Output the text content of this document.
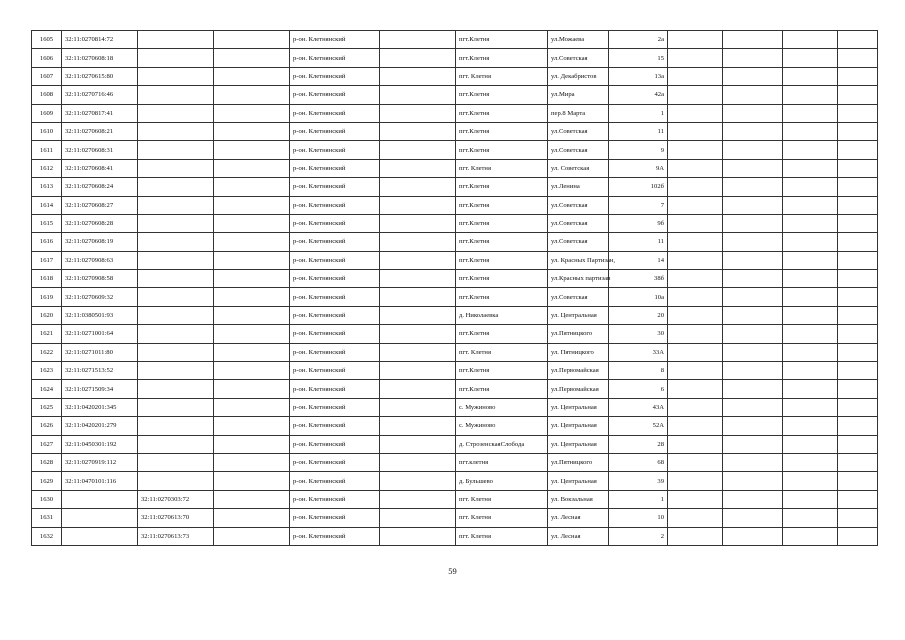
1605	32:11:0270814:72			р-он. Клетнянский		пгт.Клетня	ул.Можаева	2а				
1606	32:11:0270608:18			р-он. Клетнянский		пгт.Клетня	ул.Советская	15				
1607	32:11:0270615:80			р-он. Клетнянский		пгт. Клетня	ул. Декабристов	13а				
1608	32:11:0270716:46			р-он. Клетнянский		пгт.Клетня	ул.Мира	42а				
1609	32:11:0270817:41			р-он. Клетнянский		пгт.Клетня	пер.8 Марта	1				
1610	32:11:0270608:21			р-он. Клетнянский		пгт.Клетня	ул.Советская	11				
1611	32:11:0270608:31			р-он. Клетнянский		пгт.Клетня	ул.Советская	9				
1612	32:11:0270608:41			р-он. Клетнянский		пгт. Клетня	ул. Советская	9А				
1613	32:11:0270608:24			р-он. Клетнянский		пгт.Клетня	ул.Ленина	102б				
1614	32:11:0270608:27			р-он. Клетнянский		пгт.Клетня	ул.Советская	7				
1615	32:11:0270608:28			р-он. Клетнянский		пгт.Клетня	ул.Советская	9б				
1616	32:11:0270608:19			р-он. Клетнянский		пгт.Клетня	ул.Советская	11				
1617	32:11:0270908:63			р-он. Клетнянский		пгт.Клетня	ул. Красных Партизан,	14				
1618	32:11:0270908:58			р-он. Клетнянский		пгт.Клетня	ул.Красных партизан	38б				
1619	32:11:0270609:32			р-он. Клетнянский		пгт.Клетня	ул.Советская	10а				
1620	32:11:0380501:93			р-он. Клетнянский		д. Николаевка	ул. Центральная	20				
1621	32:11:0271001:64			р-он. Клетнянский		пгт.Клетня	ул.Пятницкого	30				
1622	32:11:0271011:80			р-он. Клетнянский		пгт. Клетня	ул. Пятницкого	33А				
1623	32:11:0271513:52			р-он. Клетнянский		пгт.Клетня	ул.Первомайская	8				
1624	32:11:0271509:34			р-он. Клетнянский		пгт.Клетня	ул.Первомайская	6				
1625	32:11:0420201:345			р-он. Клетнянский		с. Мужиново	ул. Центральная	43А				
1626	32:11:0420201:279			р-он. Клетнянский		с. Мужиново	ул. Центральная	52А				
1627	32:11:0450301:192			р-он. Клетнянский		д. СтрозенскаяСлобода	ул. Центральная	28				
1628	32:11:0270919:112			р-он. Клетнянский		пгт.клетня	ул.Пятницкого	68				
1629	32:11:0470101:116			р-он. Клетнянский		д. Бульшево	ул. Центральная	39				
1630		32:11:0270303:72		р-он. Клетнянский		пгт. Клетня	ул. Вокзальная	1				
1631		32:11:0270613:70		р-он. Клетнянский		пгт. Клетня	ул. Лесная	10				
1632		32:11:0270613:73		р-он. Клетнянский		пгт. Клетня	ул. Лесная	2				
59
